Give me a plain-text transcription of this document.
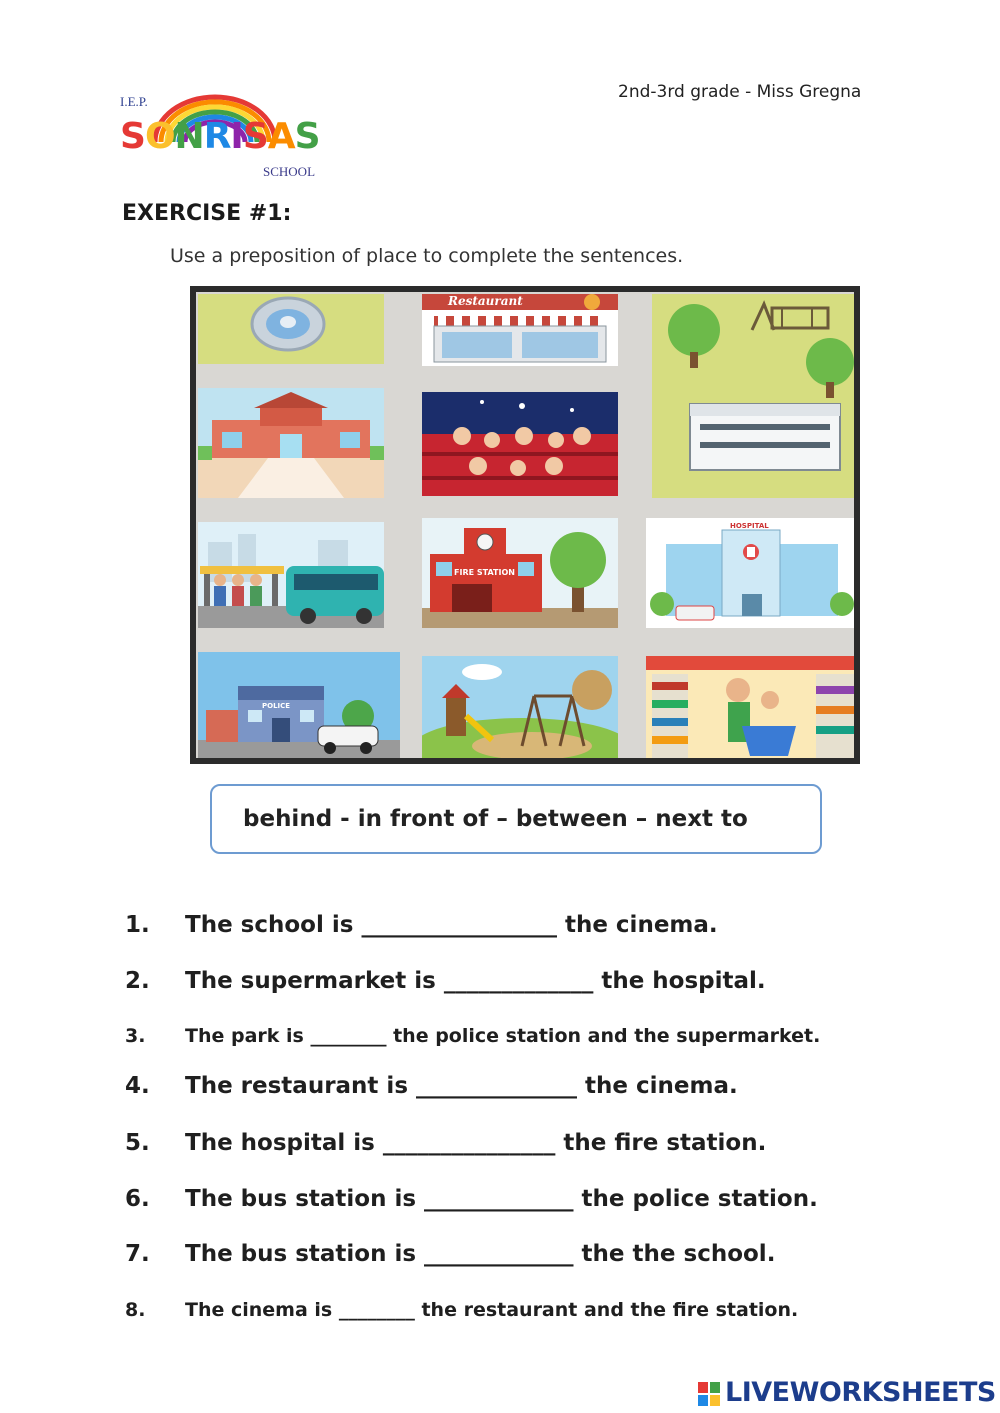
I.E.P.
SONRISAS
SCHOOL
2nd-3rd grade - Miss Gregna
EXERCISE #1:
Use a preposition of place to complete the sentences.
Restaurant
FIRE STATION
HOSPITAL
POLICE
behind - in front of – between – next to
1. The school is _________________ the cinema.
2. The supermarket is _____________ the hospital.
3. The park is ________ the police station and the supermarket.
4. The restaurant is ______________ the cinema.
5. The hospital is _______________ the fire station.
6. The bus station is _____________ the police station.
7. The bus station is _____________ the the school.
8. The cinema is ________ the restaurant and the fire station.
LIVEWORKSHEETS
